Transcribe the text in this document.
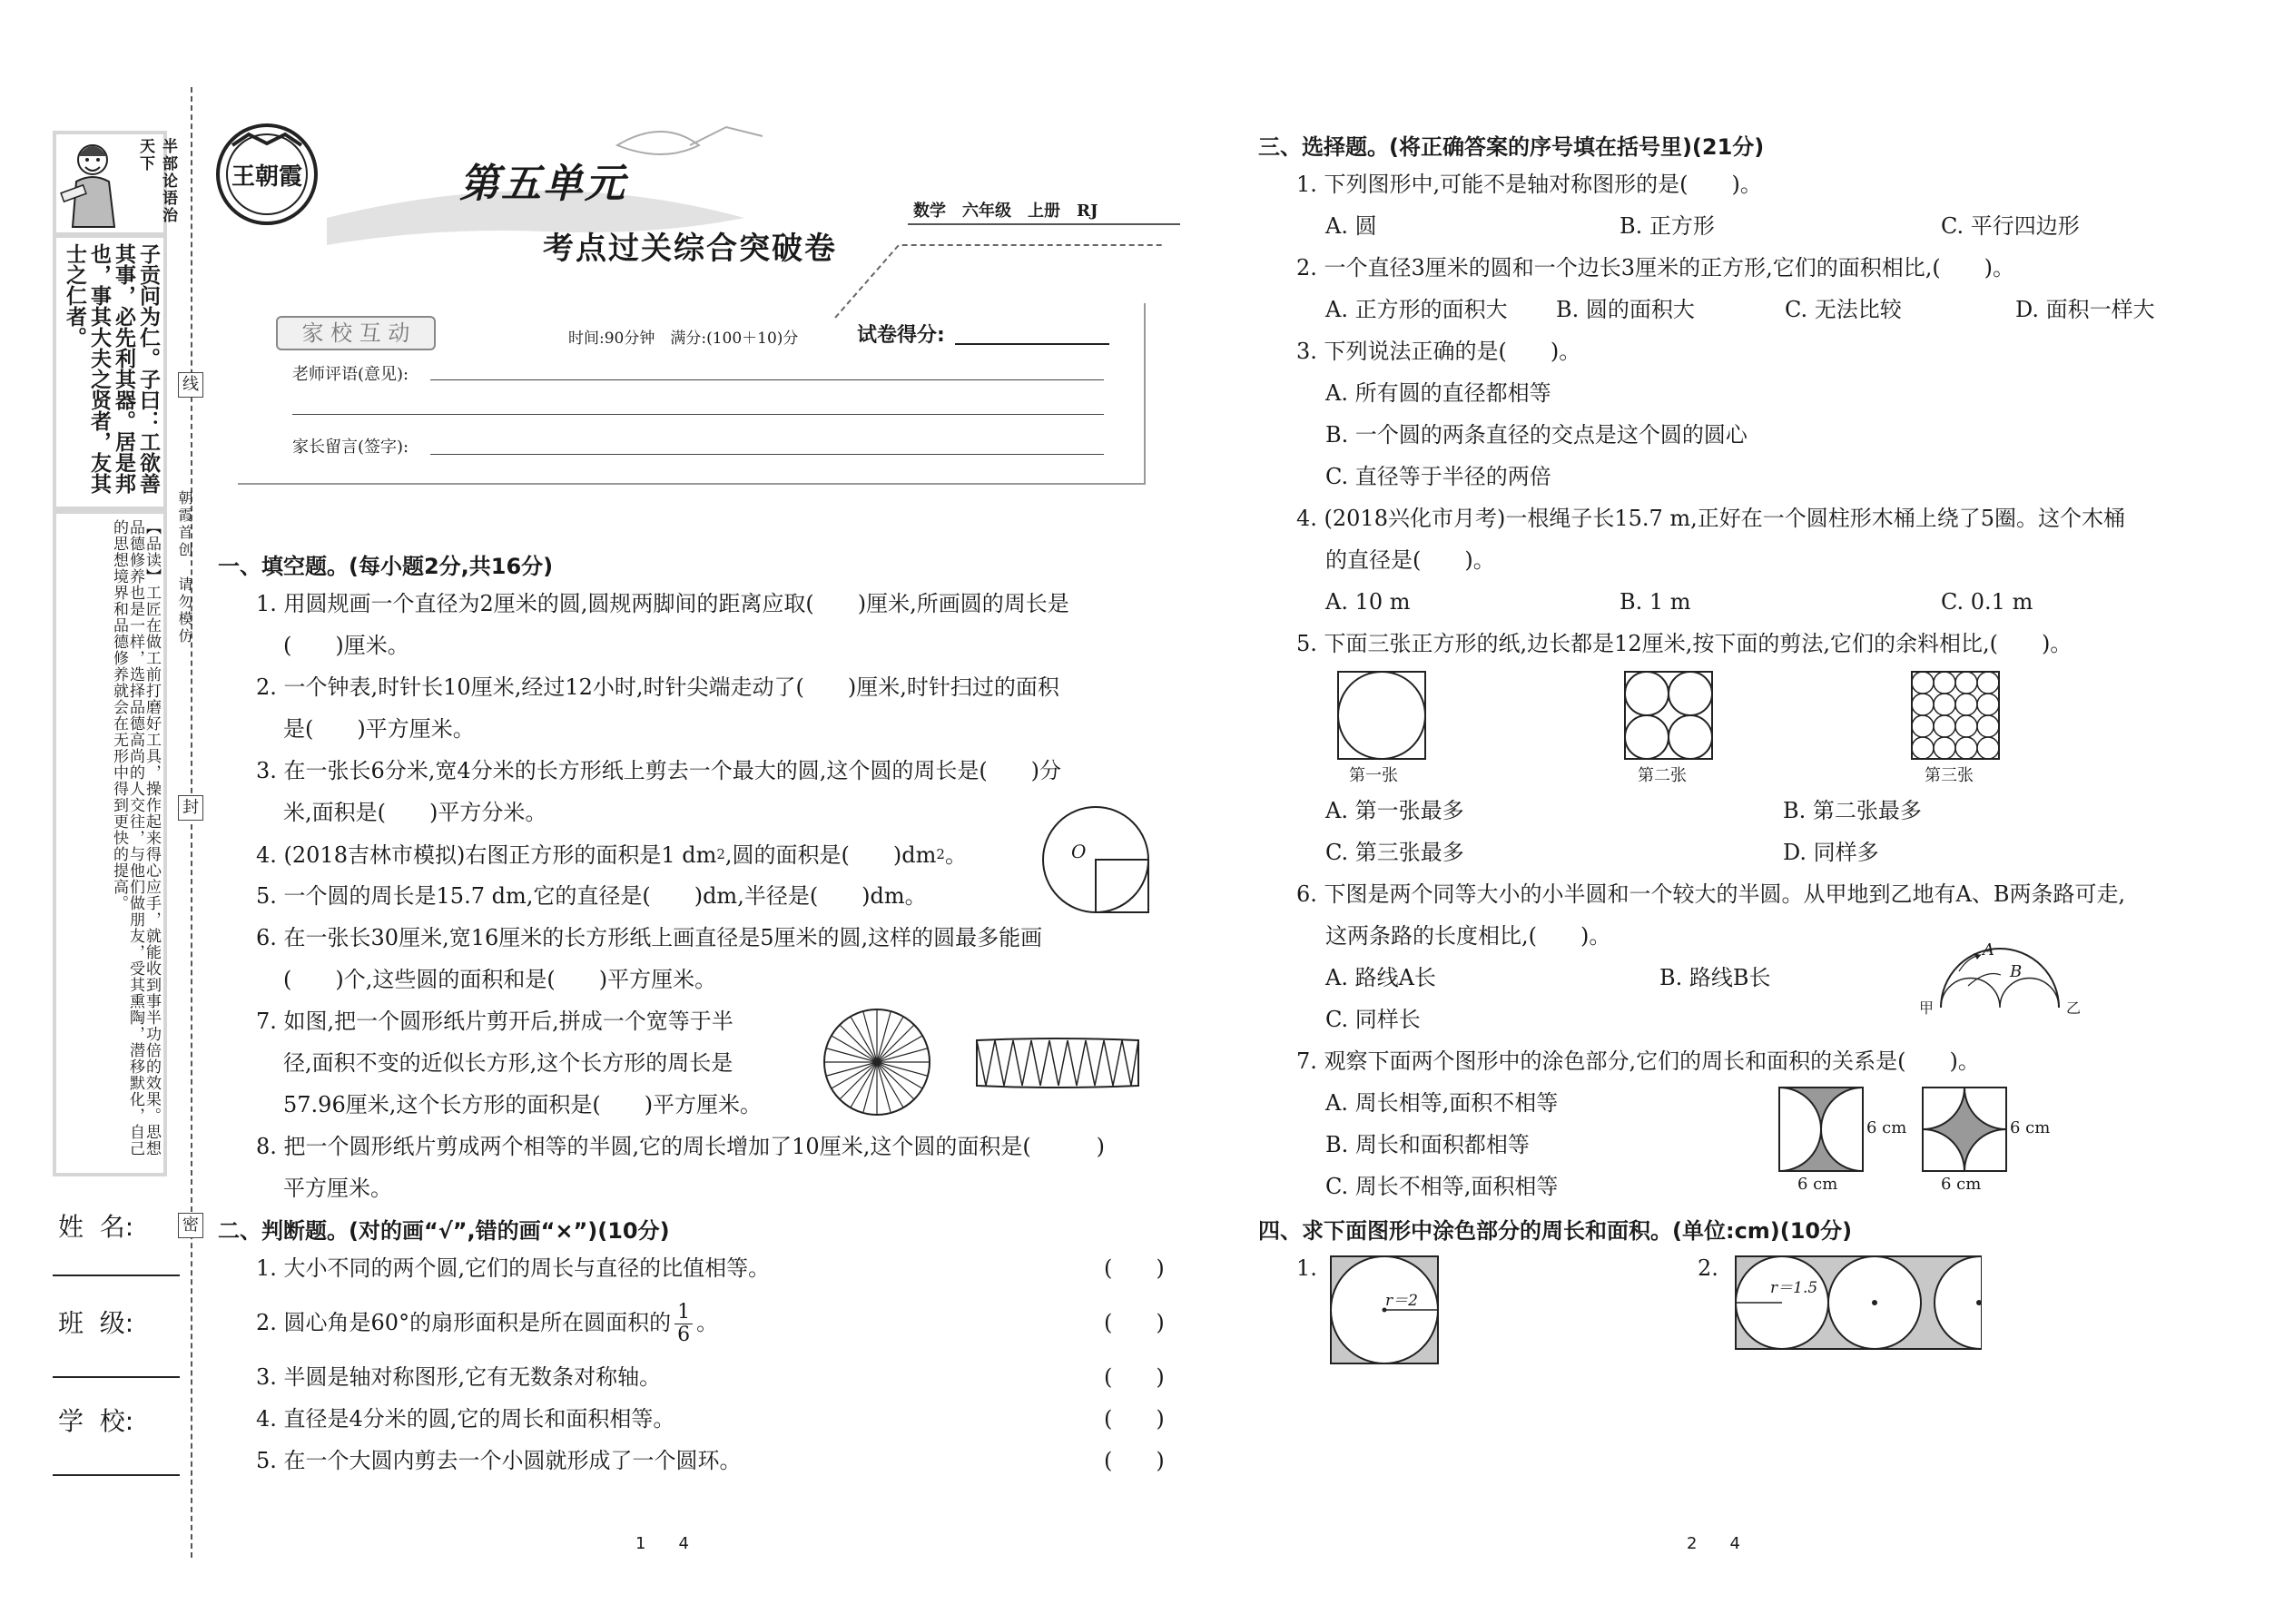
半部论语治天下
子贡问为仁。子曰：工欲善其事，必先利其器。居是邦也，事其大夫之贤者，友其士之仁者。
【品读】工匠在做工前打磨好工具，操作起来得心应手，就能收到事半功倍的效果。思想品德修养也是一样，选择品德高尚的人交往，与他们做朋友，受其熏陶，潜移默化，自己的思想境界和品德修养就会在无形中得到更快的提高。
姓  名:
班  级:
学  校:
线
朝霞首创　请勿模仿
封
密
王朝霞	第五单元
考点过关综合突破卷
数学　六年级　上册　RJ
家 校 互 动	时间:90分钟　满分:(100＋10)分	试卷得分:
老师评语(意见):
家长留言(签字):
一、填空题。(每小题2分,共16分)
1. 用圆规画一个直径为2厘米的圆,圆规两脚间的距离应取(　　)厘米,所画圆的周长是
(　　)厘米。
2. 一个钟表,时针长10厘米,经过12小时,时针尖端走动了(　　)厘米,时针扫过的面积
是(　　)平方厘米。
3. 在一张长6分米,宽4分米的长方形纸上剪去一个最大的圆,这个圆的周长是(　　)分
米,面积是(　　)平方分米。
4. (2018吉林市模拟)右图正方形的面积是1 dm2,圆的面积是(　　)dm2。	O
5. 一个圆的周长是15.7 dm,它的直径是(　　)dm,半径是(　　)dm。
6. 在一张长30厘米,宽16厘米的长方形纸上画直径是5厘米的圆,这样的圆最多能画
(　　)个,这些圆的面积和是(　　)平方厘米。
7. 如图,把一个圆形纸片剪开后,拼成一个宽等于半
径,面积不变的近似长方形,这个长方形的周长是
57.96厘米,这个长方形的面积是(　　)平方厘米。
8. 把一个圆形纸片剪成两个相等的半圆,它的周长增加了10厘米,这个圆的面积是(　　　)
平方厘米。
二、判断题。(对的画“√”,错的画“×”)(10分)
1. 大小不同的两个圆,它们的周长与直径的比值相等。	(　　)
2. 圆心角是60°的扇形面积是所在圆面积的 $\frac{1}{6}$ 。	(　　)
3. 半圆是轴对称图形,它有无数条对称轴。	(　　)
4. 直径是4分米的圆,它的周长和面积相等。	(　　)
5. 在一个大圆内剪去一个小圆就形成了一个圆环。	(　　)
1　　4
三、选择题。(将正确答案的序号填在括号里)(21分)
1. 下列图形中,可能不是轴对称图形的是(　　)。
A. 圆	B. 正方形	C. 平行四边形
2. 一个直径3厘米的圆和一个边长3厘米的正方形,它们的面积相比,(　　)。
A. 正方形的面积大 B. 圆的面积大	C. 无法比较	D. 面积一样大
3. 下列说法正确的是(　　)。
A. 所有圆的直径都相等
B. 一个圆的两条直径的交点是这个圆的圆心
C. 直径等于半径的两倍
4. (2018兴化市月考)一根绳子长15.7 m,正好在一个圆柱形木桶上绕了5圈。这个木桶
的直径是(　　)。
A. 10 m	B. 1 m	C. 0.1 m
5. 下面三张正方形的纸,边长都是12厘米,按下面的剪法,它们的余料相比,(　　)。
第一张	第二张	第三张
A. 第一张最多	B. 第二张最多
C. 第三张最多	D. 同样多
6. 下图是两个同等大小的小半圆和一个较大的半圆。从甲地到乙地有A、B两条路可走,
这两条路的长度相比,(　　)。
A. 路线A长	B. 路线B长
C. 同样长
A
B
甲	乙
7. 观察下面两个图形中的涂色部分,它们的周长和面积的关系是(　　)。
A. 周长相等,面积不相等
B. 周长和面积都相等
C. 周长不相等,面积相等
6 cm
6 cm
6 cm
6 cm
四、求下面图形中涂色部分的周长和面积。(单位:cm)(10分)
1.
r＝2
2.
r＝1.5
2　　4
